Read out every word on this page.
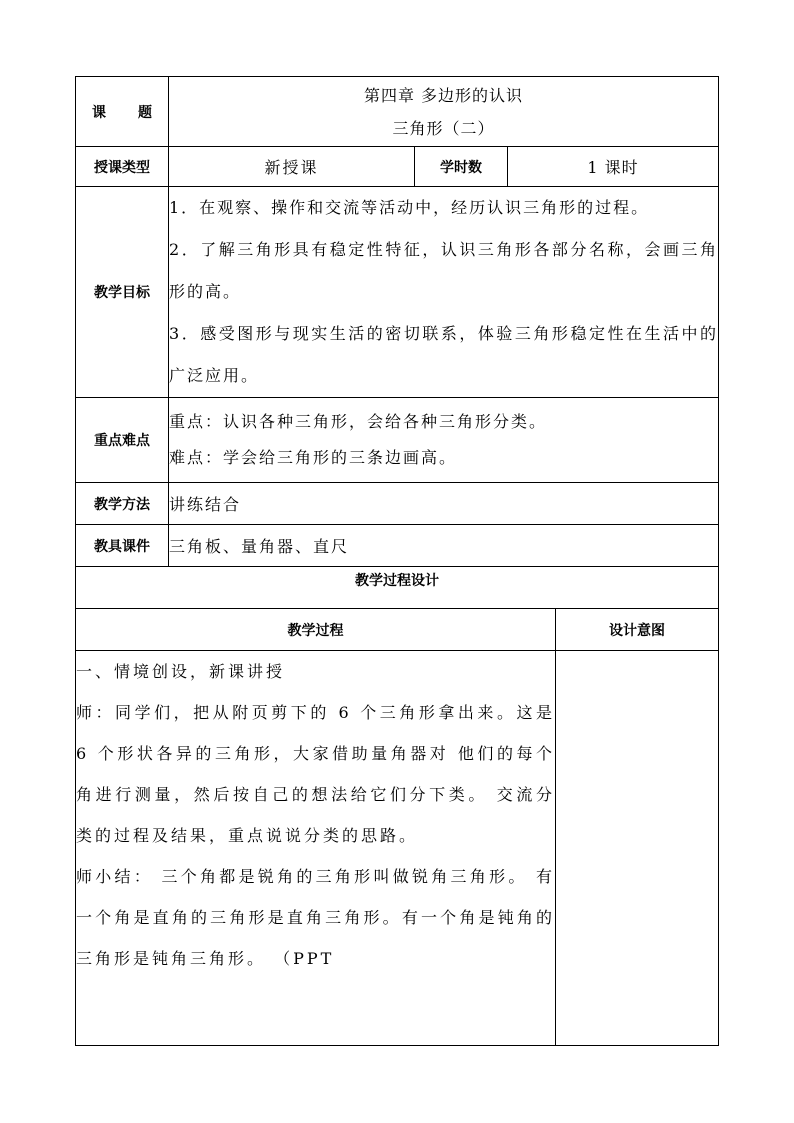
课 题	第四章 多边形的认识
三角形（二）			

授课类型	新授课	学时数	1 课时	
教学目标	1．在观察、操作和交流等活动中，经历认识三角形的过程。
2．了解三角形具有稳定性特征，认识三角形各部分名称，会画三角形的高。
3．感受图形与现实生活的密切联系，体验三角形稳定性在生活中的广泛应用。			

重点难点	重点：认识各种三角形，会给各种三角形分类。
难点：学会给三角形的三条边画高。			

教学方法	讲练结合			
教具课件	三角板、量角器、直尺			
教学过程设计				
教学过程				设计意图

一、情境创设，新课讲授
师：同学们，把从附页剪下的 6 个三角形拿出来。这是 6 个形状各异的三角形，大家借助量角器对 他们的每个角进行测量，然后按自己的想法给它们分下类。 交流分类的过程及结果，重点说说分类的思路。
师小结： 三个角都是锐角的三角形叫做锐角三角形。 有一个角是直角的三角形是直角三角形。有一个角是钝角的三角形是钝角三角形。 （PPT				
